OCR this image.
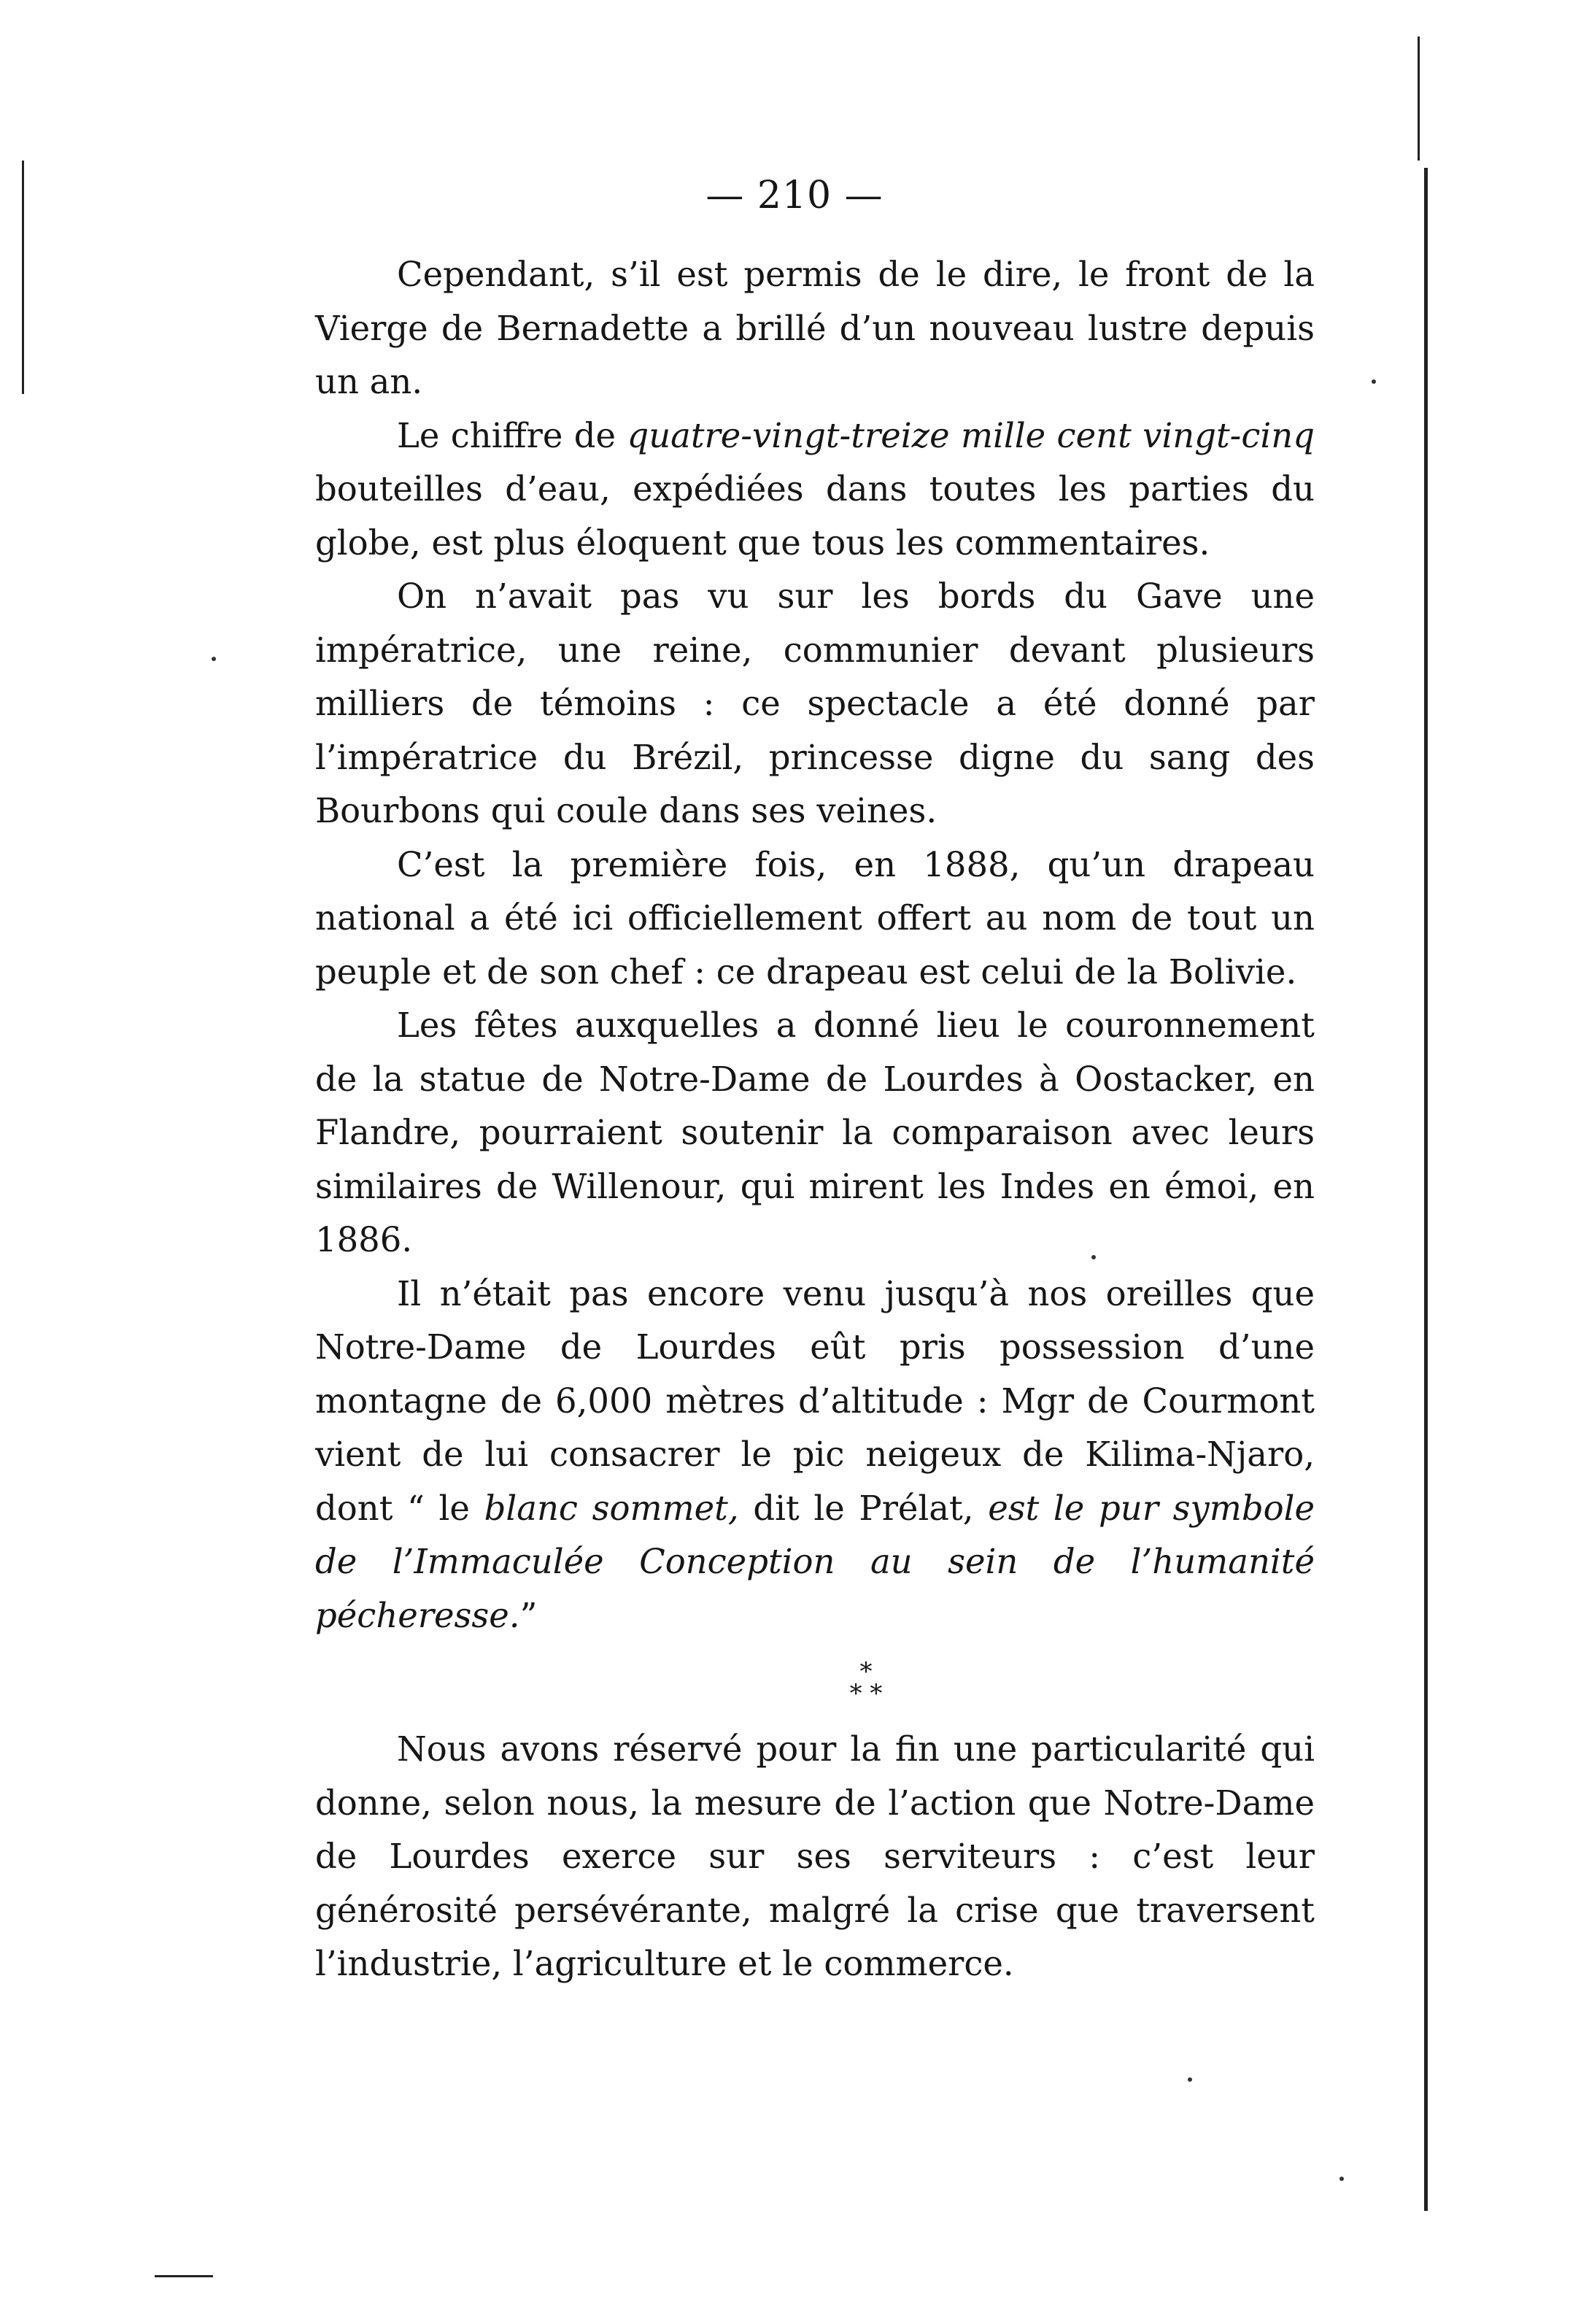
— 210 —

Cependant, s’il est permis de le dire, le front de la Vierge de Bernadette a brillé d’un nouveau lustre depuis un an.

Le chiffre de quatre-vingt-treize mille cent vingt-cinq bouteilles d’eau, expédiées dans toutes les parties du globe, est plus éloquent que tous les commentaires.

On n’avait pas vu sur les bords du Gave une impératrice, une reine, communier devant plusieurs milliers de témoins : ce spectacle a été donné par l’impératrice du Brézil, princesse digne du sang des Bourbons qui coule dans ses veines.

C’est la première fois, en 1888, qu’un drapeau national a été ici officiellement offert au nom de tout un peuple et de son chef : ce drapeau est celui de la Bolivie.

Les fêtes auxquelles a donné lieu le couronnement de la statue de Notre-Dame de Lourdes à Oostacker, en Flandre, pourraient soutenir la comparaison avec leurs similaires de Willenour, qui mirent les Indes en émoi, en 1886.

Il n’était pas encore venu jusqu’à nos oreilles que Notre-Dame de Lourdes eût pris possession d’une montagne de 6,000 mètres d’altitude : Mgr de Courmont vient de lui consacrer le pic neigeux de Kilima-Njaro, dont “ le blanc sommet, dit le Prélat, est le pur symbole de l’Immaculée Conception au sein de l’humanité pécheresse.”

*
* *

Nous avons réservé pour la fin une particularité qui donne, selon nous, la mesure de l’action que Notre-Dame de Lourdes exerce sur ses serviteurs : c’est leur générosité persévérante, malgré la crise que traversent l’industrie, l’agriculture et le commerce.
